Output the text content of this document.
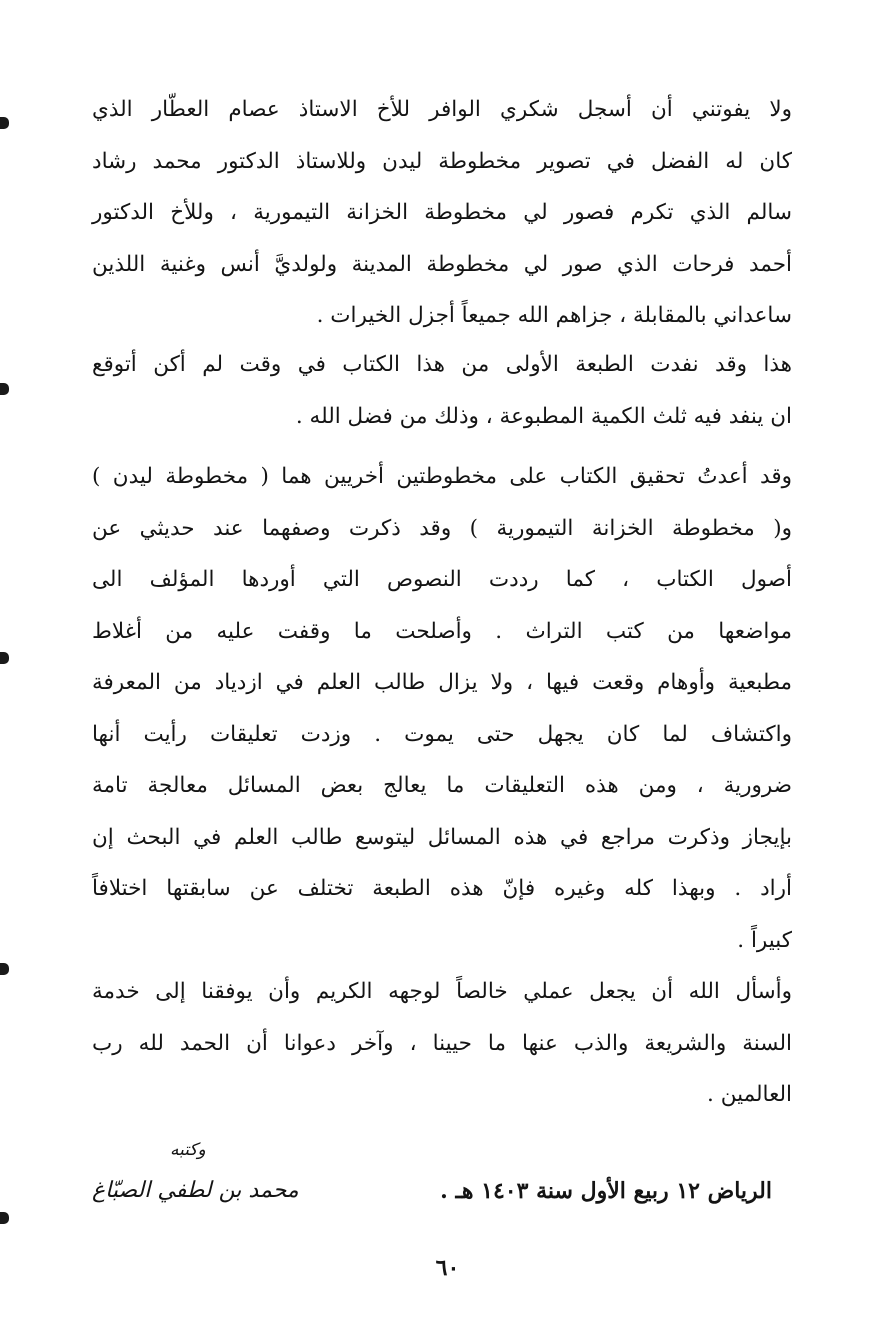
ولا يفوتني أن أسجل شكري الوافر للأخ الاستاذ عصام العطّار الذي
كان له الفضل في تصوير مخطوطة ليدن وللاستاذ الدكتور محمد رشاد
سالم الذي تكرم فصور لي مخطوطة الخزانة التيمورية ، وللأخ الدكتور
أحمد فرحات الذي صور لي مخطوطة المدينة ولولديَّ أنس وغنية اللذين
ساعداني بالمقابلة ، جزاهم الله جميعاً أجزل الخيرات .

هذا وقد نفدت الطبعة الأولى من هذا الكتاب في وقت لم أكن أتوقع
ان ينفد فيه ثلث الكمية المطبوعة ، وذلك من فضل الله .

وقد أعدتُ تحقيق الكتاب على مخطوطتين أخريين هما ( مخطوطة ليدن )
و( مخطوطة الخزانة التيمورية ) وقد ذكرت وصفهما عند حديثي عن
أصول الكتاب ، كما رددت النصوص التي أوردها المؤلف الى
مواضعها من كتب التراث . وأصلحت ما وقفت عليه من أغلاط
مطبعية وأوهام وقعت فيها ، ولا يزال طالب العلم في ازدياد من المعرفة
واكتشاف لما كان يجهل حتى يموت . وزدت تعليقات رأيت أنها
ضرورية ، ومن هذه التعليقات ما يعالج بعض المسائل معالجة تامة
بإيجاز وذكرت مراجع في هذه المسائل ليتوسع طالب العلم في البحث إن
أراد . وبهذا كله وغيره فإنّ هذه الطبعة تختلف عن سابقتها اختلافاً
كبيراً .

وأسأل الله أن يجعل عملي خالصاً لوجهه الكريم وأن يوفقنا إلى خدمة
السنة والشريعة والذب عنها ما حيينا ، وآخر دعوانا أن الحمد لله رب
العالمين .

الرياض ١٢ ربيع الأول سنة ١٤٠٣ هـ .
وكتبه
محمد بن لطفي الصبّاغ
٦٠
